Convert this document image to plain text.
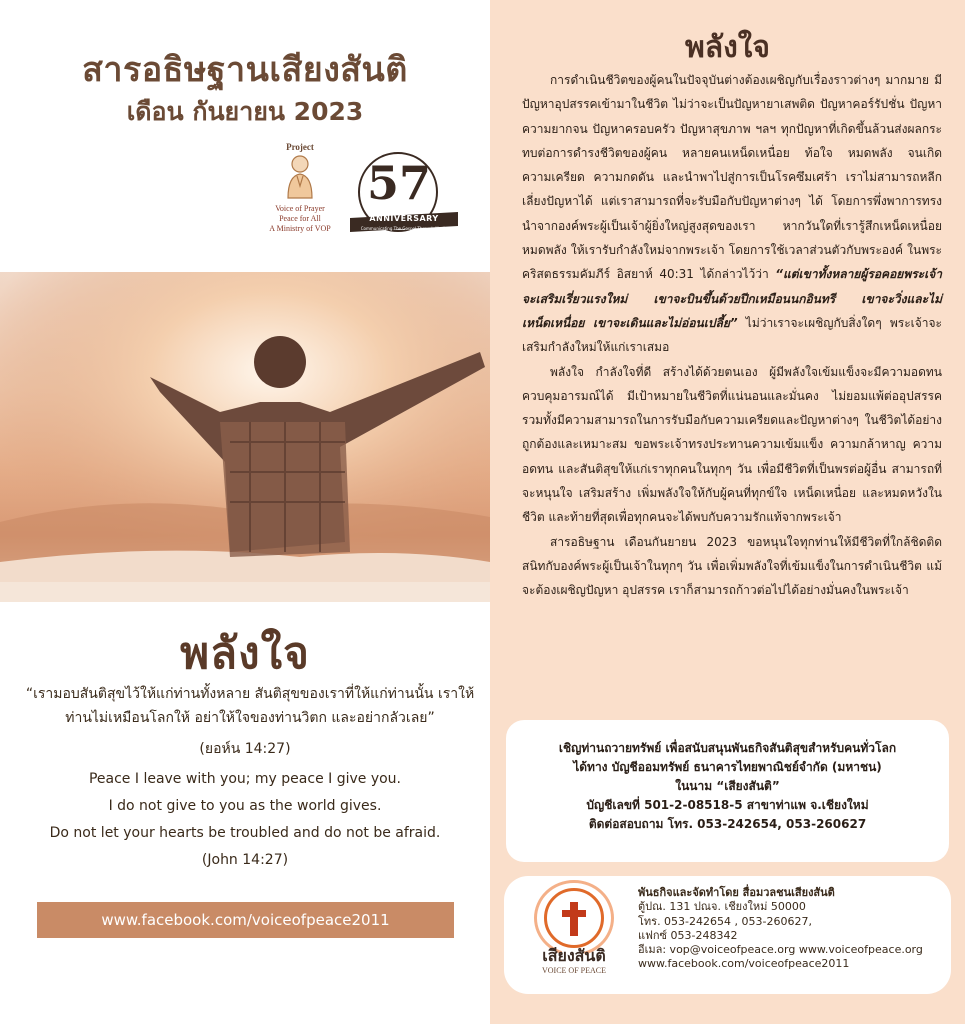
สารอธิษฐานเสียงสันติ
เดือน กันยายน 2023
Project
Voice of Prayer
Peace for All
A Ministry of VOP
57
ANNIVERSARY
Communicating The Gospel Through Media
พลังใจ
“เรามอบสันติสุขไว้ให้แก่ท่านทั้งหลาย สันติสุขของเราที่ให้แก่ท่านนั้น เราให้ท่านไม่เหมือนโลกให้ อย่าให้ใจของท่านวิตก และอย่ากลัวเลย”
(ยอห์น 14:27)
Peace I leave with you; my peace I give you.
I do not give to you as the world gives.
Do not let your hearts be troubled and do not be afraid.
(John 14:27)
www.facebook.com/voiceofpeace2011
พลังใจ

การดำเนินชีวิตของผู้คนในปัจจุบันต่างต้องเผชิญกับเรื่องราวต่างๆ มากมาย มีปัญหาอุปสรรคเข้ามาในชีวิต ไม่ว่าจะเป็นปัญหายาเสพติด ปัญหาคอร์รัปชั่น ปัญหาความยากจน ปัญหาครอบครัว ปัญหาสุขภาพ ฯลฯ ทุกปัญหาที่เกิดขึ้นล้วนส่งผลกระทบต่อการดำรงชีวิตของผู้คน หลายคนเหน็ดเหนื่อย ท้อใจ หมดพลัง จนเกิดความเครียด ความกดดัน และนำพาไปสู่การเป็นโรคซึมเศร้า เราไม่สามารถหลีกเลี่ยงปัญหาได้ แต่เราสามารถที่จะรับมือกับปัญหาต่างๆ ได้ โดยการพึ่งพาการทรงนำจากองค์พระผู้เป็นเจ้าผู้ยิ่งใหญ่สูงสุดของเรา หากวันใดที่เรารู้สึกเหน็ดเหนื่อย หมดพลัง ให้เรารับกำลังใหม่จากพระเจ้า โดยการใช้เวลาส่วนตัวกับพระองค์ ในพระคริสตธรรมคัมภีร์ อิสยาห์ 40:31 ได้กล่าวไว้ว่า “แต่เขาทั้งหลายผู้รอคอยพระเจ้าจะเสริมเรี่ยวแรงใหม่ เขาจะบินขึ้นด้วยปีกเหมือนนกอินทรี เขาจะวิ่งและไม่เหน็ดเหนื่อย เขาจะเดินและไม่อ่อนเปลี้ย” ไม่ว่าเราจะเผชิญกับสิ่งใดๆ พระเจ้าจะเสริมกำลังใหม่ให้แก่เราเสมอ

พลังใจ กำลังใจที่ดี สร้างได้ด้วยตนเอง ผู้มีพลังใจเข้มแข็งจะมีความอดทน ควบคุมอารมณ์ได้ มีเป้าหมายในชีวิตที่แน่นอนและมั่นคง ไม่ยอมแพ้ต่ออุปสรรค รวมทั้งมีความสามารถในการรับมือกับความเครียดและปัญหาต่างๆ ในชีวิตได้อย่างถูกต้องและเหมาะสม ขอพระเจ้าทรงประทานความเข้มแข็ง ความกล้าหาญ ความอดทน และสันติสุขให้แก่เราทุกคนในทุกๆ วัน เพื่อมีชีวิตที่เป็นพรต่อผู้อื่น สามารถที่จะหนุนใจ เสริมสร้าง เพิ่มพลังใจให้กับผู้คนที่ทุกข์ใจ เหน็ดเหนื่อย และหมดหวังในชีวิต และท้ายที่สุดเพื่อทุกคนจะได้พบกับความรักแท้จากพระเจ้า

สารอธิษฐาน เดือนกันยายน 2023 ขอหนุนใจทุกท่านให้มีชีวิตที่ใกล้ชิดติดสนิทกับองค์พระผู้เป็นเจ้าในทุกๆ วัน เพื่อเพิ่มพลังใจที่เข้มแข็งในการดำเนินชีวิต แม้จะต้องเผชิญปัญหา อุปสรรค เราก็สามารถก้าวต่อไปได้อย่างมั่นคงในพระเจ้า

เชิญท่านถวายทรัพย์ เพื่อสนับสนุนพันธกิจสันติสุขสำหรับคนทั่วโลก
ได้ทาง บัญชีออมทรัพย์ ธนาคารไทยพาณิชย์จำกัด (มหาชน)
ในนาม “เสียงสันติ”
บัญชีเลขที่ 501-2-08518-5 สาขาท่าแพ จ.เชียงใหม่
ติดต่อสอบถาม โทร. 053-242654, 053-260627
เสียงสันติ
VOICE OF PEACE
พันธกิจและจัดทำโดย สื่อมวลชนเสียงสันติ
ตู้ปณ. 131 ปณจ. เชียงใหม่ 50000
โทร. 053-242654 , 053-260627,
แฟกซ์ 053-248342
อีเมล: vop@voiceofpeace.org www.voiceofpeace.org
www.facebook.com/voiceofpeace2011
